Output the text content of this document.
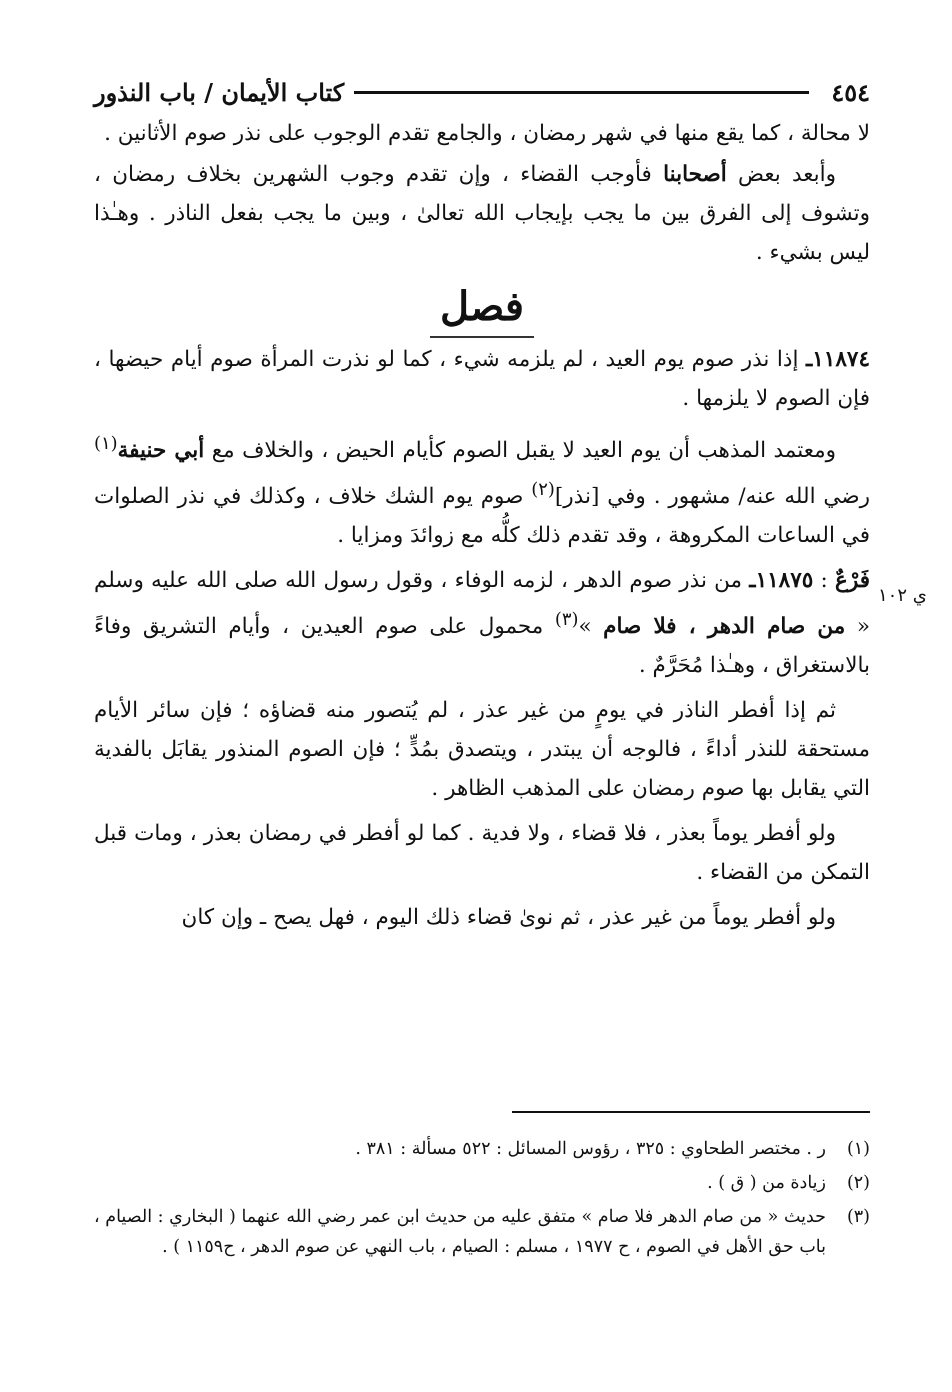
٤٥٤
كتاب الأيمان / باب النذور

لا محالة ، كما يقع منها في شهر رمضان ، والجامع تقدم الوجوب على نذر صوم الأثانين .

وأبعد بعض أصحابنا فأوجب القضاء ، وإن تقدم وجوب الشهرين بخلاف رمضان ، وتشوف إلى الفرق بين ما يجب بإيجاب الله تعالىٰ ، وبين ما يجب بفعل الناذر . وهـٰذا ليس بشيء .

فصل

١١٨٧٤ـ إذا نذر صوم يوم العيد ، لم يلزمه شيء ، كما لو نذرت المرأة صوم أيام حيضها ، فإن الصوم لا يلزمها .

ومعتمد المذهب أن يوم العيد لا يقبل الصوم كأيام الحيض ، والخلاف مع أبي حنيفة$^{(١)}$ رضي الله عنه/ مشهور . وفي [نذر]$^{(٢)}$ صوم يوم الشك خلاف ، وكذلك في نذر الصلوات في الساعات المكروهة ، وقد تقدم ذلك كلُّه مع زوائدَ ومزايا .

فَرْعٌ : ١١٨٧٥ـ من نذر صوم الدهر ، لزمه الوفاء ، وقول رسول الله صلى الله عليه وسلم « من صام الدهر ، فلا صام »$^{(٣)}$ محمول على صوم العيدين ، وأيام التشريق وفاءً بالاستغراق ، وهـٰذا مُحَرَّمٌ .

ثم إذا أفطر الناذر في يومٍ من غير عذر ، لم يُتصور منه قضاؤه ؛ فإن سائر الأيام مستحقة للنذر أداءً ، فالوجه أن يبتدر ، ويتصدق بمُدٍّ ؛ فإن الصوم المنذور يقابَل بالفدية التي يقابل بها صوم رمضان على المذهب الظاهر .

ولو أفطر يوماً بعذر ، فلا قضاء ، ولا فدية . كما لو أفطر في رمضان بعذر ، ومات قبل التمكن من القضاء .

ولو أفطر يوماً من غير عذر ، ثم نوىٰ قضاء ذلك اليوم ، فهل يصح ـ وإن كان

ي ١٠٢
(١)
ر . مختصر الطحاوي : ٣٢٥ ، رؤوس المسائل : ٥٢٢ مسألة : ٣٨١ .
(٢)
زيادة من ( ق ) .
(٣)
حديث « من صام الدهر فلا صام » متفق عليه من حديث ابن عمر رضي الله عنهما ( البخاري : الصيام ، باب حق الأهل في الصوم ، ح ١٩٧٧ ، مسلم : الصيام ، باب النهي عن صوم الدهر ، ح١١٥٩ ) .
